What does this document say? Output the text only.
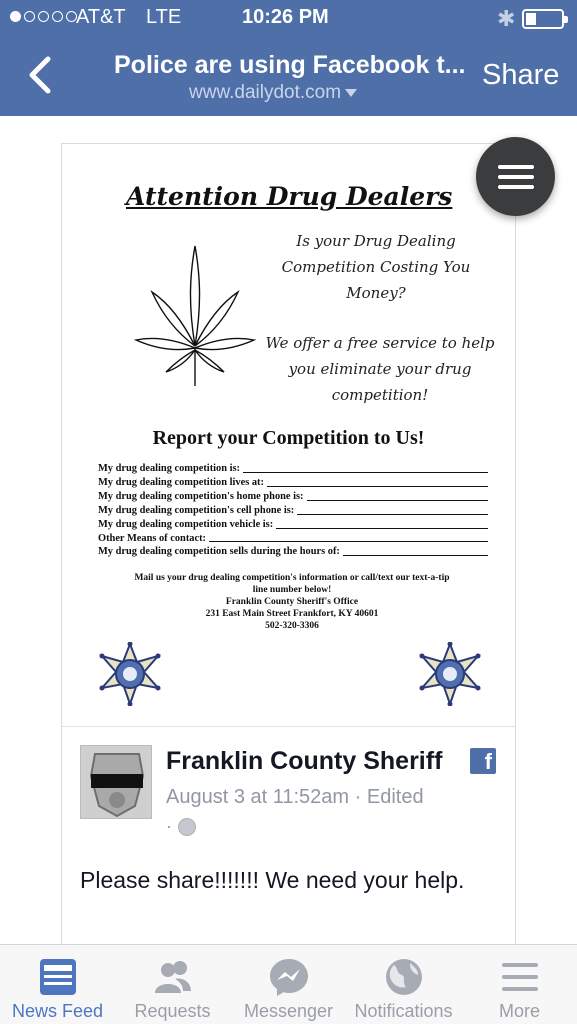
AT&T LTE	10:26 PM	✱
Police are using Facebook t...
www.dailydot.com
Share
Attention Drug Dealers
Is your Drug Dealing Competition Costing You Money?
We offer a free service to help you eliminate your drug competition!
Report your Competition to Us!
My drug dealing competition is:
My drug dealing competition lives at:
My drug dealing competition's home phone is:
My drug dealing competition's cell phone is:
My drug dealing competition vehicle is:
Other Means of contact:
My drug dealing competition sells during the hours of:
Mail us your drug dealing competition's information or call/text our text-a-tip
line number below!
Franklin County Sheriff's Office
231 East Main Street Frankfort, KY 40601
502-320-3306
Franklin County Sheriff	f
August 3 at 11:52am · Edited
·
Please share!!!!!!! We need your help.
News Feed	Requests	Messenger	Notifications	More
